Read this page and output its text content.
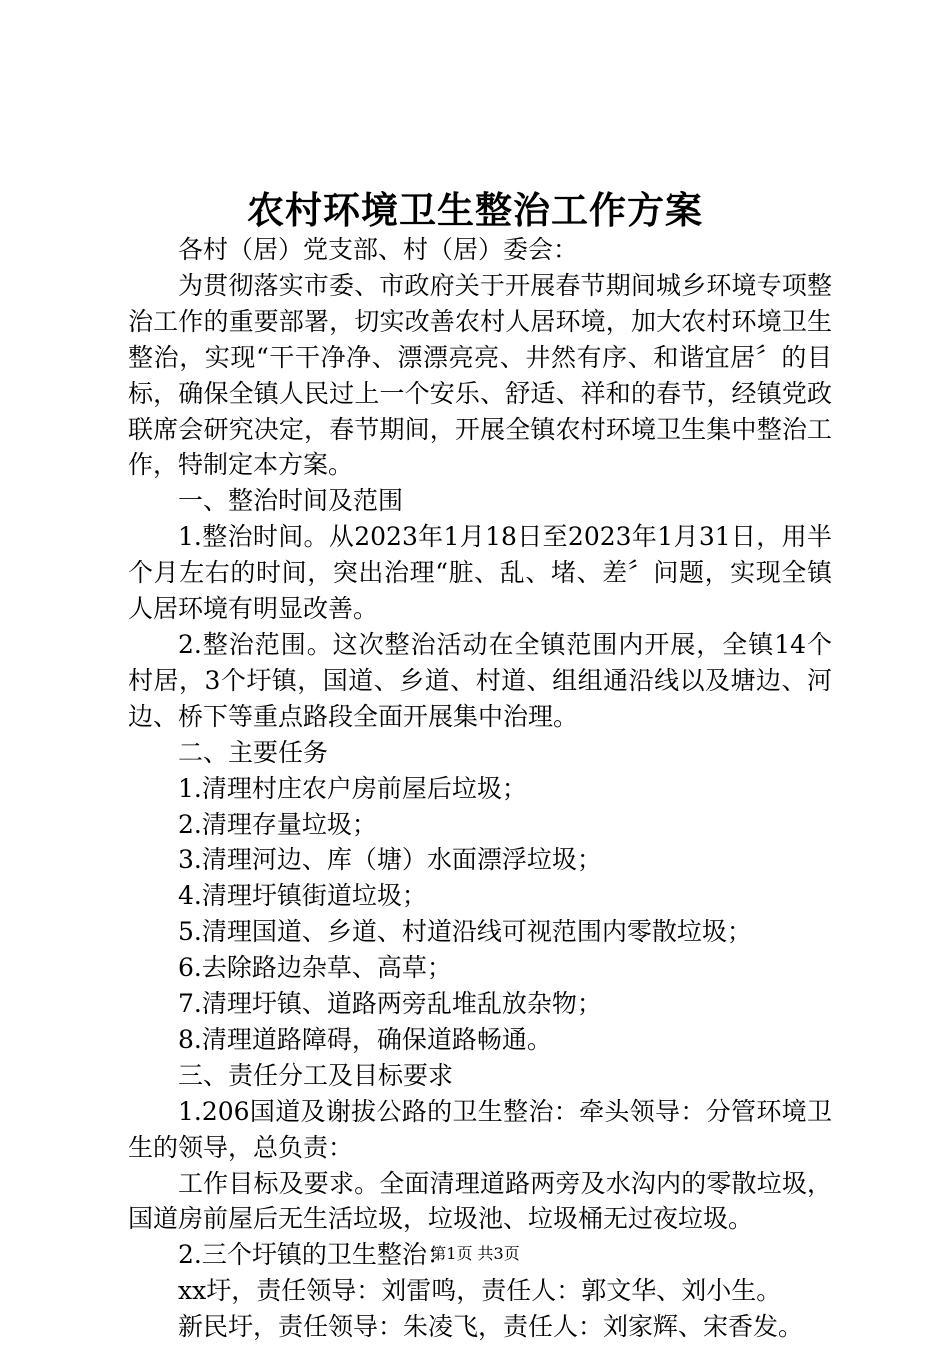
农村环境卫生整治工作方案

各村（居）党支部、村（居）委会：

为贯彻落实市委、市政府关于开展春节期间城乡环境专项整治工作的重要部署，切实改善农村人居环境，加大农村环境卫生整治，实现“干干净净、漂漂亮亮、井然有序、和谐宜居〞的目标，确保全镇人民过上一个安乐、舒适、祥和的春节，经镇党政联席会研究决定，春节期间，开展全镇农村环境卫生集中整治工作，特制定本方案。

一、整治时间及范围

1.整治时间。从2023年1月18日至2023年1月31日，用半个月左右的时间，突出治理“脏、乱、堵、差〞问题，实现全镇人居环境有明显改善。

2.整治范围。这次整治活动在全镇范围内开展，全镇14个村居，3个圩镇，国道、乡道、村道、组组通沿线以及塘边、河边、桥下等重点路段全面开展集中治理。

二、主要任务

1.清理村庄农户房前屋后垃圾；

2.清理存量垃圾；

3.清理河边、库（塘）水面漂浮垃圾；

4.清理圩镇街道垃圾；

5.清理国道、乡道、村道沿线可视范围内零散垃圾；

6.去除路边杂草、高草；

7.清理圩镇、道路两旁乱堆乱放杂物；

8.清理道路障碍，确保道路畅通。

三、责任分工及目标要求

1.206国道及谢拔公路的卫生整治：牵头领导：分管环境卫生的领导，总负责：

工作目标及要求。全面清理道路两旁及水沟内的零散垃圾，国道房前屋后无生活垃圾，垃圾池、垃圾桶无过夜垃圾。

2.三个圩镇的卫生整治：

xx圩，责任领导：刘雷鸣，责任人：郭文华、刘小生。

新民圩，责任领导：朱凌飞，责任人：刘家辉、宋香发。

第1页 共3页
